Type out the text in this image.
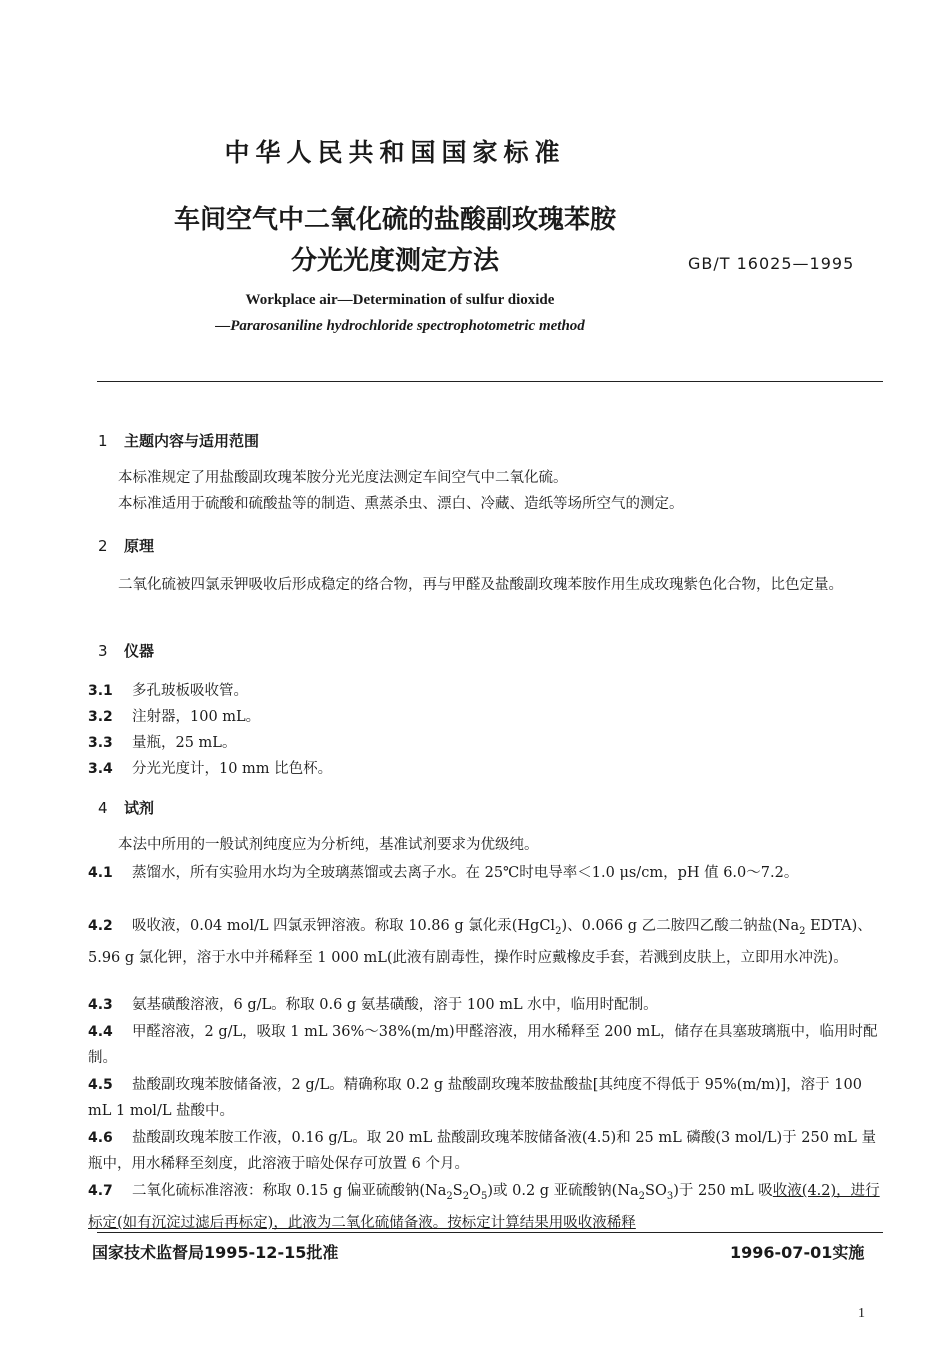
中华人民共和国国家标准
车间空气中二氧化硫的盐酸副玫瑰苯胺
分光光度测定方法	GB/T 16025—1995
Workplace air—Determination of sulfur dioxide
—Pararosaniline hydrochloride spectrophotometric method
1 主题内容与适用范围
本标准规定了用盐酸副玫瑰苯胺分光光度法测定车间空气中二氧化硫。
本标准适用于硫酸和硫酸盐等的制造、熏蒸杀虫、漂白、冷藏、造纸等场所空气的测定。
2 原理
二氧化硫被四氯汞钾吸收后形成稳定的络合物，再与甲醛及盐酸副玫瑰苯胺作用生成玫瑰紫色化合物，比色定量。
3 仪器
3.1 多孔玻板吸收管。
3.2 注射器，100 mL。
3.3 量瓶，25 mL。
3.4 分光光度计，10 mm 比色杯。
4 试剂
本法中所用的一般试剂纯度应为分析纯，基准试剂要求为优级纯。
4.1 蒸馏水，所有实验用水均为全玻璃蒸馏或去离子水。在 25℃时电导率＜1.0 μs/cm，pH 值 6.0～7.2。
4.2 吸收液，0.04 mol/L 四氯汞钾溶液。称取 10.86 g 氯化汞(HgCl$_2$)、0.066 g 乙二胺四乙酸二钠盐($Na_2$ EDTA)、5.96 g 氯化钾，溶于水中并稀释至 1 000 mL(此液有剧毒性，操作时应戴橡皮手套，若溅到皮肤上，立即用水冲洗)。
4.3 氨基磺酸溶液，6 g/L。称取 0.6 g 氨基磺酸，溶于 100 mL 水中，临用时配制。
4.4 甲醛溶液，2 g/L，吸取 1 mL 36%～38%(m/m)甲醛溶液，用水稀释至 200 mL，储存在具塞玻璃瓶中，临用时配制。
4.5 盐酸副玫瑰苯胺储备液，2 g/L。精确称取 0.2 g 盐酸副玫瑰苯胺盐酸盐[其纯度不得低于 95%(m/m)]，溶于 100 mL 1 mol/L 盐酸中。
4.6 盐酸副玫瑰苯胺工作液，0.16 g/L。取 20 mL 盐酸副玫瑰苯胺储备液(4.5)和 25 mL 磷酸(3 mol/L)于 250 mL 量瓶中，用水稀释至刻度，此溶液于暗处保存可放置 6 个月。
4.7 二氧化硫标准溶液：称取 0.15 g 偏亚硫酸钠$(Na_2S_2O_5)$或 0.2 g 亚硫酸钠$(Na_2SO_3)$于 250 mL 吸收液(4.2)，进行标定(如有沉淀过滤后再标定)，此液为二氧化硫储备液。按标定计算结果用吸收液稀释
国家技术监督局1995-12-15批准	1996-07-01实施
1
